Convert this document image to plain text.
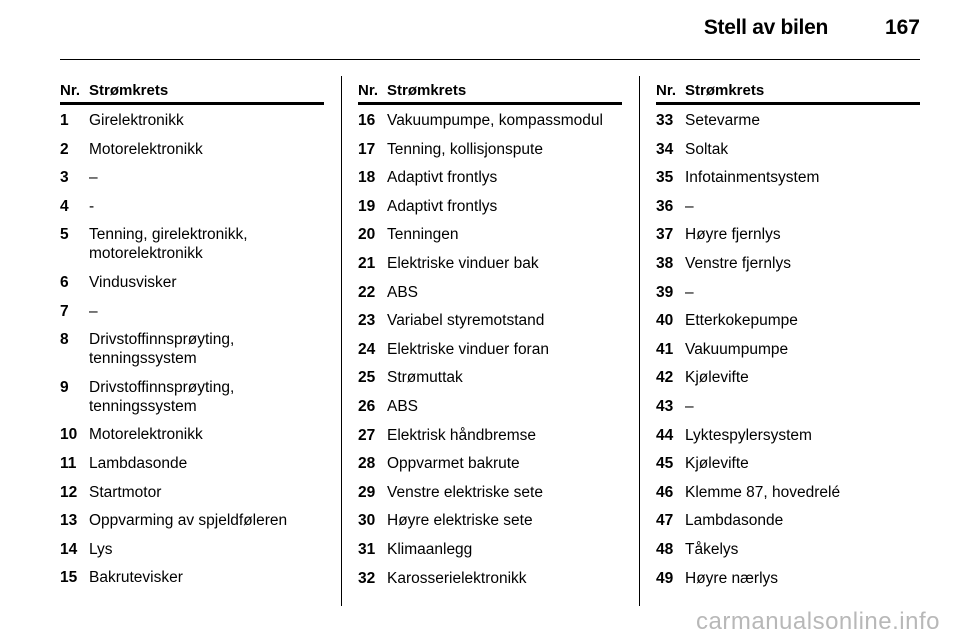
Stell av bilen	167
Nr. Strømkrets
1 Girelektronikk
2 Motorelektronikk
3 –
4 -
5 Tenning, girelektronikk,
motorelektronikk
6 Vindusvisker
7 –
8 Drivstoffinnsprøyting,
tenningssystem
9 Drivstoffinnsprøyting,
tenningssystem
10 Motorelektronikk
11 Lambdasonde
12 Startmotor
13 Oppvarming av spjeldføleren
14 Lys
15 Bakrutevisker
Nr. Strømkrets
16 Vakuumpumpe, kompassmodul
17 Tenning, kollisjonspute
18 Adaptivt frontlys
19 Adaptivt frontlys
20 Tenningen
21 Elektriske vinduer bak
22 ABS
23 Variabel styremotstand
24 Elektriske vinduer foran
25 Strømuttak
26 ABS
27 Elektrisk håndbremse
28 Oppvarmet bakrute
29 Venstre elektriske sete
30 Høyre elektriske sete
31 Klimaanlegg
32 Karosserielektronikk
Nr. Strømkrets
33 Setevarme
34 Soltak
35 Infotainmentsystem
36 –
37 Høyre fjernlys
38 Venstre fjernlys
39 –
40 Etterkokepumpe
41 Vakuumpumpe
42 Kjølevifte
43 –
44 Lyktespylersystem
45 Kjølevifte
46 Klemme 87, hovedrelé
47 Lambdasonde
48 Tåkelys
49 Høyre nærlys
carmanualsonline.info
